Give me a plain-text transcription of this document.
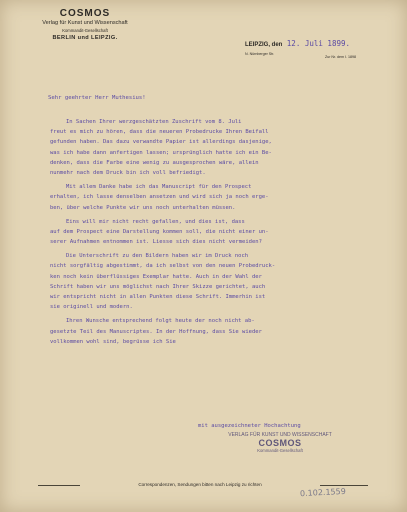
COSMOS
Verlag für Kunst und Wissenschaft
Kommandit-Gesellschaft
BERLIN und LEIPZIG.
LEIPZIG, den 12. Juli 1899.
N. Nürnberger Str.
Zur Nr. dem I. 1898
Sehr geehrter Herr Muthesius!
In Sachen Ihrer werzgeschätzten Zuschrift vom 8. Juli
freut es mich zu hören, dass die neueren Probedrucke Ihren Beifall
gefunden haben. Das dazu verwandte Papier ist allerdings dasjenige,
was ich habe dann anfertigen lassen; ursprünglich hatte ich ein Be-
denken, dass die Farbe eine wenig zu ausgesprochen wäre, allein
nunmehr nach dem Druck bin ich voll befriedigt.
Mit allem Danke habe ich das Manuscript für den Prospect
erhalten, ich lasse denselben ansetzen und wird sich ja noch erge-
ben, über welche Punkte wir uns noch unterhalten müssen.
Eins will mir nicht recht gefallen, und dies ist, dass
auf dem Prospect eine Darstellung kommen soll, die nicht einer un-
serer Aufnahmen entnommen ist. Liesse sich dies nicht vermeiden?
Die Unterschrift zu den Bildern haben wir im Druck noch
nicht sorgfältig abgestimmt, da ich selbst von den neuen Probedruck-
ken noch kein überflüssiges Exemplar hatte. Auch in der Wahl der
Schrift haben wir uns möglichst nach Ihrer Skizze gerichtet, auch
wir entspricht nicht in allen Punkten diese Schrift. Immerhin ist
sie originell und modern.
Ihren Wunsche entsprechend folgt heute der noch nicht ab-
gesetzte Teil des Manuscriptes. In der Hoffnung, dass Sie wieder
vollkommen wohl sind, begrüsse ich Sie
mit ausgezeichneter Hochachtung
VERLAG FÜR KUNST UND WISSENSCHAFT
COSMOS
Kommandit-Gesellschaft
Correspondenzen, Sendungen bitten nach Leipzig zu richten
0.102.1559
